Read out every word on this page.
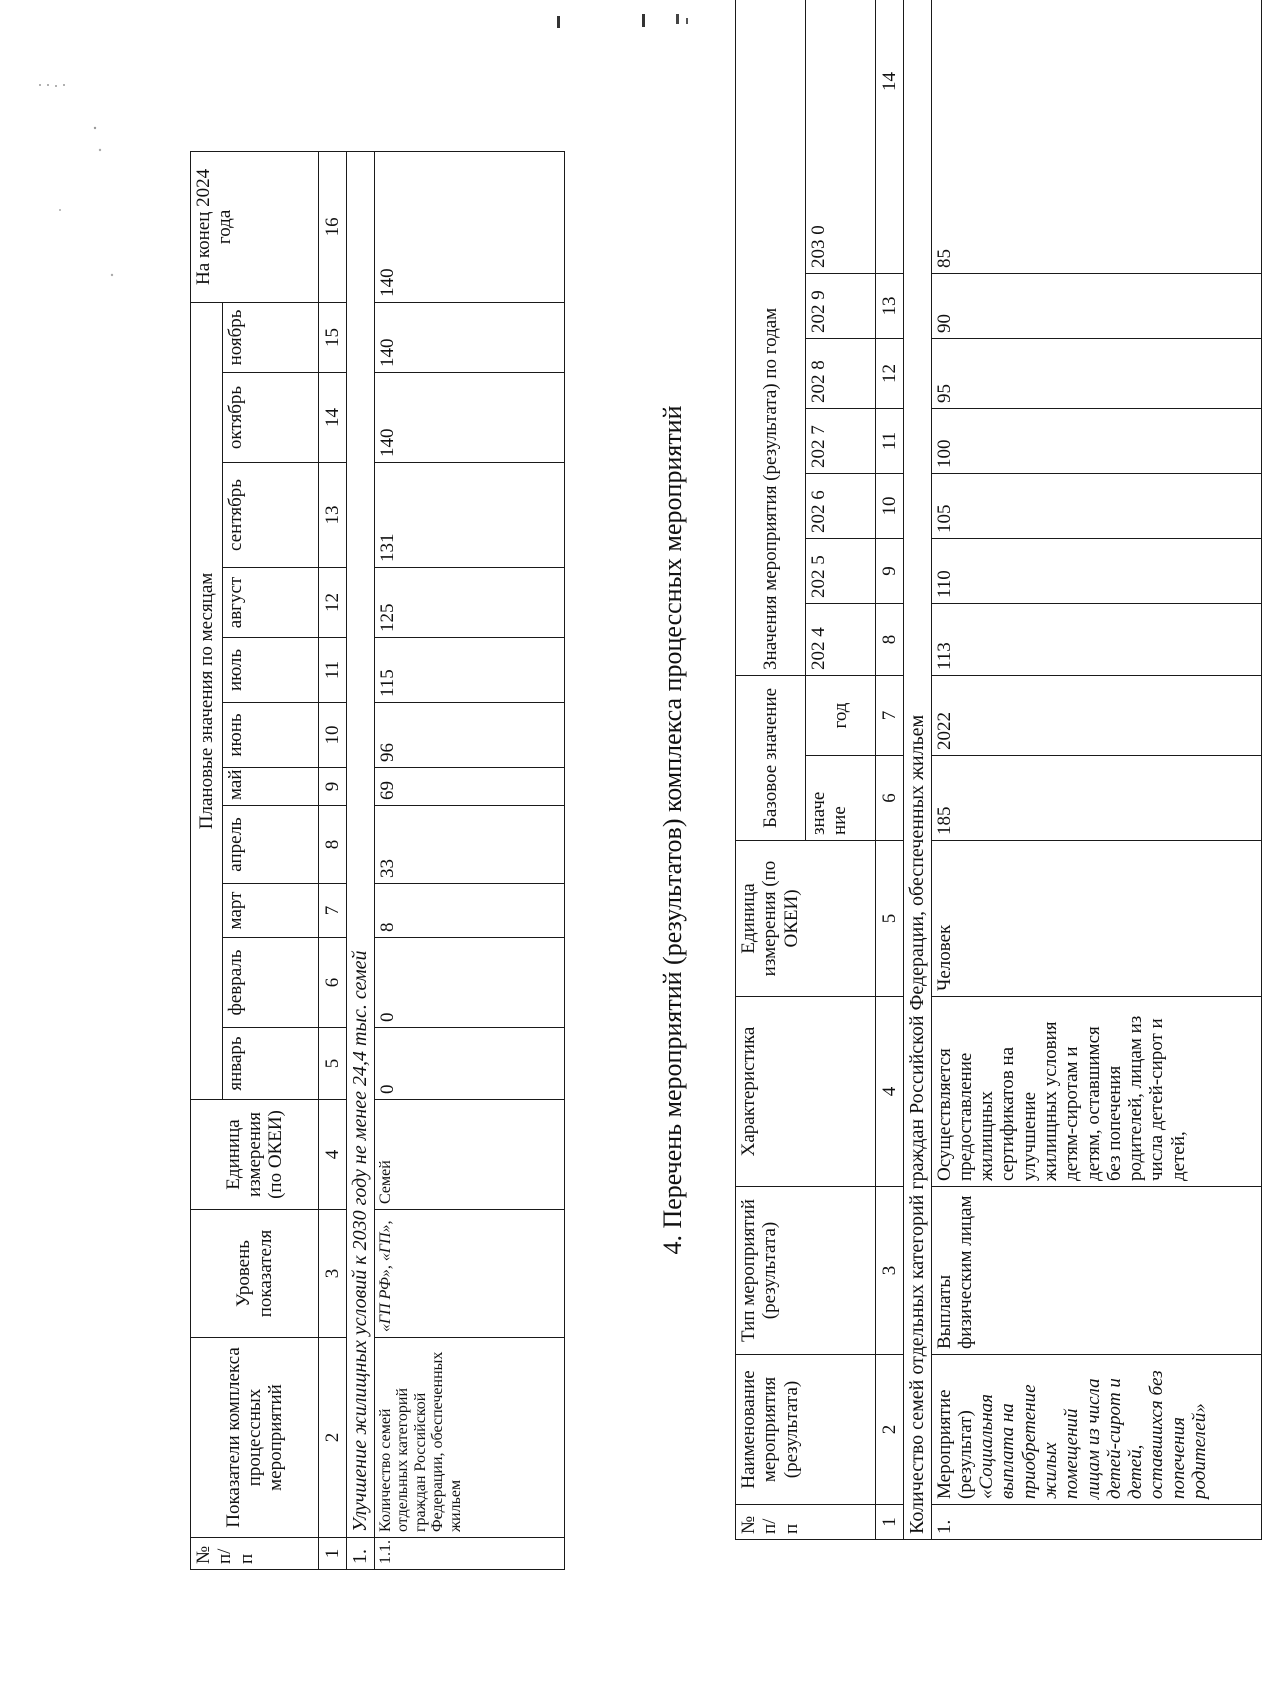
№ п/п	Показатели комплекса процессных мероприятий	Уровень показателя	Единица измерения (по ОКЕИ)	Плановые значения по месяцам											На конец 2024 года
				январь	февраль	март	апрель	май	июнь	июль	август	сентябрь	октябрь	ноябрь	
1	2	3	4	5	6	7	8	9	10	11	12	13	14	15	16
1.	Улучшение жилищных условий к 2030 году не менее 24,4 тыс. семей														
1.1.	Количество семей отдельных категорий граждан Российской Федерации, обеспеченных жильем	«ГП РФ», «ГП»,	Семей	0	0	8	33	69	96	115	125	131	140	140	140
4. Перечень мероприятий (результатов) комплекса процессных мероприятий
№ п/ п	Наименование мероприятия (результата)	Тип мероприятий (результата)	Характеристика	Единица измерения (по ОКЕИ)	Базовое значение		Значения мероприятия (результата) по годам						
					значе ние	год	202 4	202 5	202 6	202 7	202 8	202 9	203 0
1	2	3	4	5	6	7	8	9	10	11	12	13	14
Количество семей отдельных категорий граждан Российской Федерации, обеспеченных жильем													
1.	Мероприятие (результат) «Социальная выплата на приобретение жилых помещений лицам из числа детей-сирот и детей, оставшихся без попечения родителей»	Выплаты физическим лицам	Осуществляется предоставление жилищных сертификатов на улучшение жилищных условия детям-сиротам и детям, оставшимся без попечения родителей, лицам из числа детей-сирот и детей,	Человек	185	2022	113	110	105	100	95	90	85
